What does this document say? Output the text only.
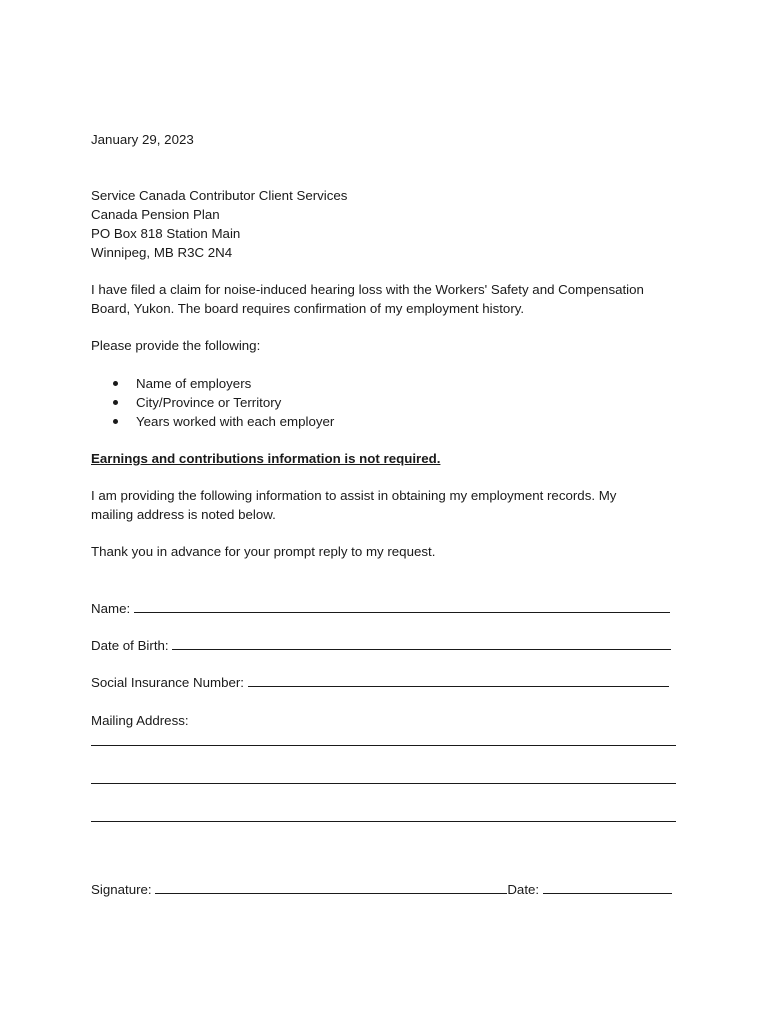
January 29, 2023
Service Canada Contributor Client Services
Canada Pension Plan
PO Box 818 Station Main
Winnipeg, MB R3C 2N4
I have filed a claim for noise-induced hearing loss with the Workers' Safety and Compensation
Board, Yukon. The board requires confirmation of my employment history.
Please provide the following:
Name of employers
City/Province or Territory
Years worked with each employer
Earnings and contributions information is not required.
I am providing the following information to assist in obtaining my employment records. My
mailing address is noted below.
Thank you in advance for your prompt reply to my request.
Name:
Date of Birth:
Social Insurance Number:
Mailing Address:
Signature:	Date:
